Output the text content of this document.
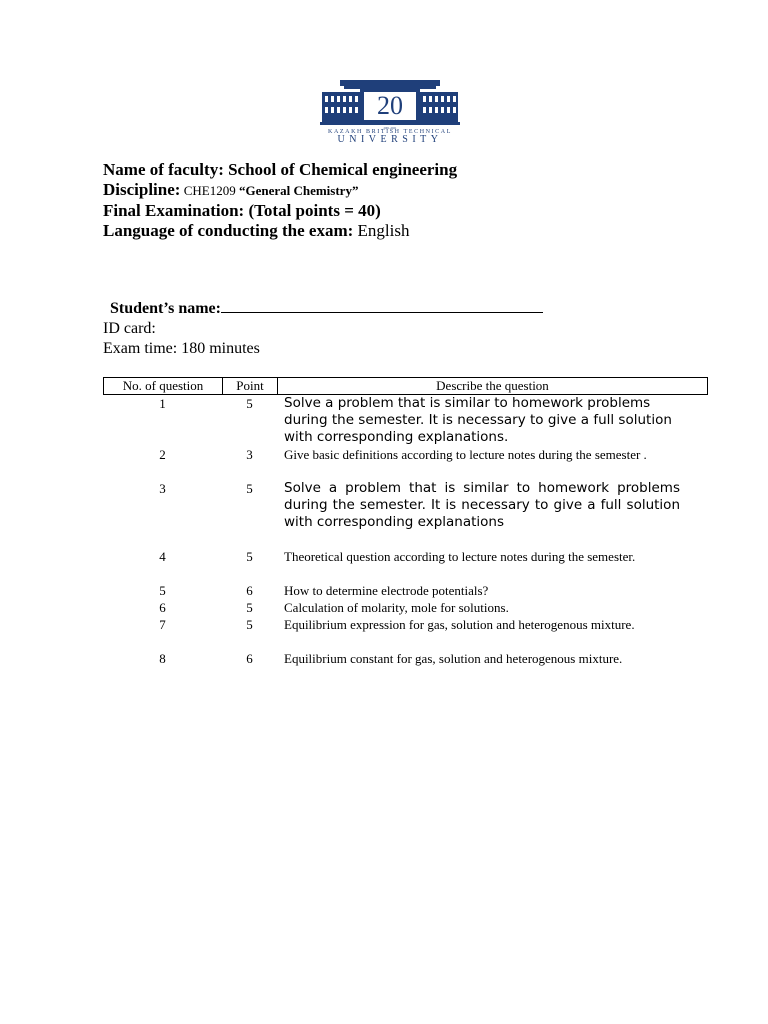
20
2001-2021
KAZAKH BRITISH TECHNICAL
UNIVERSITY
Name of faculty: School of Chemical engineering
Discipline: CHE1209 “General Chemistry”
Final Examination: (Total points = 40)
Language of conducting the exam: English
Student’s name:
ID card:
Exam time: 180 minutes
No. of question	Point	Describe the question
1	5	Solve a problem that is similar to homework problems during the semester. It is necessary to give a full solution with corresponding explanations.
2	3	Give basic definitions according to lecture notes during the semester .
3	5	Solve a problem that is similar to homework problems during the semester. It is necessary to give a full solution with corresponding explanations
4	5	Theoretical question according to lecture notes during the semester.
5	6	How to determine electrode potentials?
6	5	Calculation of molarity, mole for solutions.
7	5	Equilibrium expression for gas, solution and heterogenous mixture.
8	6	Equilibrium constant for gas, solution and heterogenous mixture.
